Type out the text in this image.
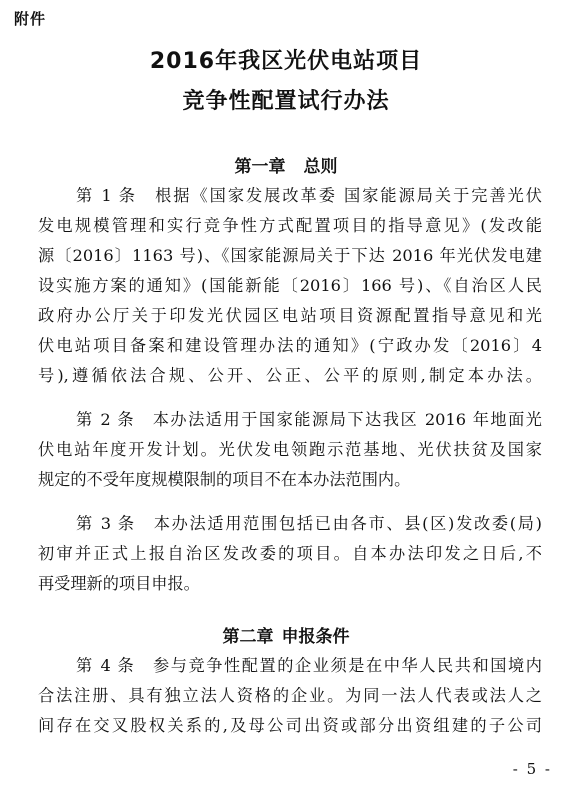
附件
2016年我区光伏电站项目
竞争性配置试行办法
第一章 总则
第 1 条　根据《国家发展改革委 国家能源局关于完善光伏
发电规模管理和实行竞争性方式配置项目的指导意见》(发改能
源〔2016〕1163 号)、《国家能源局关于下达 2016 年光伏发电建
设实施方案的通知》(国能新能〔2016〕166 号)、《自治区人民
政府办公厅关于印发光伏园区电站项目资源配置指导意见和光
伏电站项目备案和建设管理办法的通知》(宁政办发〔2016〕4
号),遵循依法合规、公开、公正、公平的原则,制定本办法。
第 2 条　本办法适用于国家能源局下达我区 2016 年地面光
伏电站年度开发计划。光伏发电领跑示范基地、光伏扶贫及国家
规定的不受年度规模限制的项目不在本办法范围内。
第 3 条　本办法适用范围包括已由各市、县(区)发改委(局)
初审并正式上报自治区发改委的项目。自本办法印发之日后,不
再受理新的项目申报。
第二章 申报条件
第 4 条　参与竞争性配置的企业须是在中华人民共和国境内
合法注册、具有独立法人资格的企业。为同一法人代表或法人之
间存在交叉股权关系的,及母公司出资或部分出资组建的子公司
- 5 -
